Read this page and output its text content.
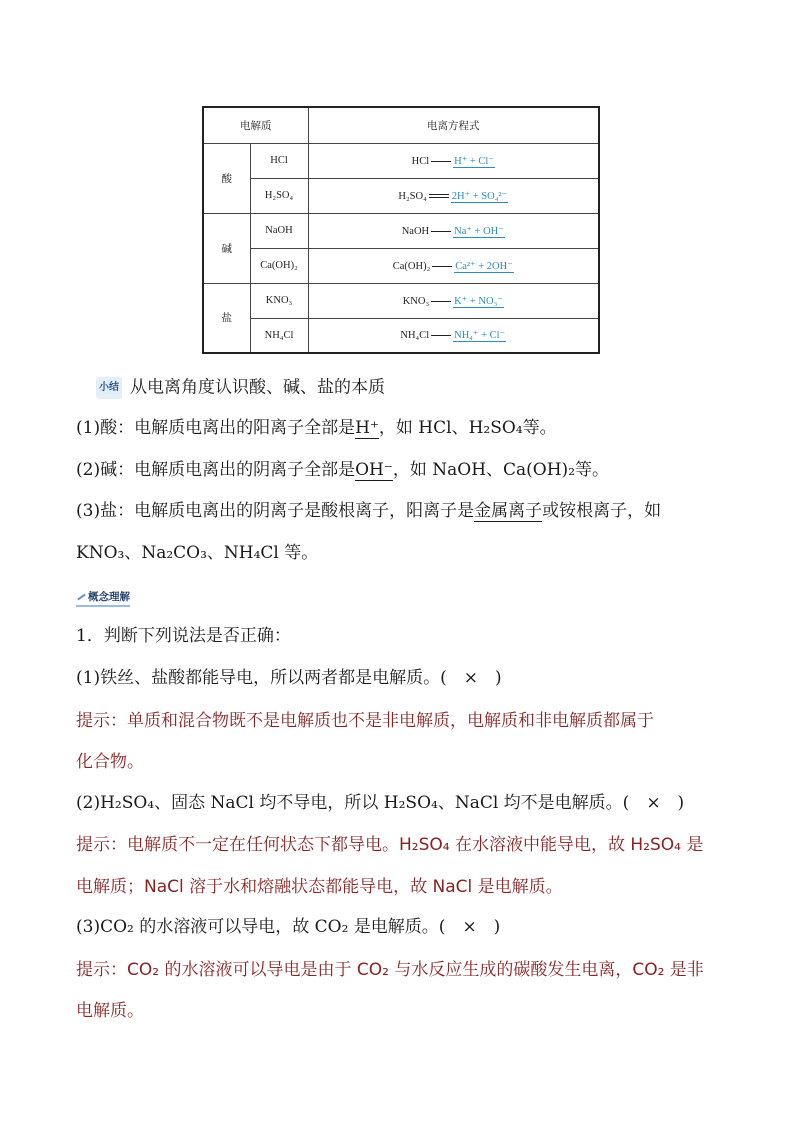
电解质		电离方程式
酸	HCl	HCl H⁺ + Cl⁻
	H₂SO₄	H₂SO₄ 2H⁺ + SO₄²⁻
碱	NaOH	NaOH Na⁺ + OH⁻
	Ca(OH)₂	Ca(OH)₂ Ca²⁺ + 2OH⁻
盐	KNO₃	KNO₃ K⁺ + NO₃⁻
	NH₄Cl	NH₄Cl NH₄⁺ + Cl⁻
小结 从电离角度认识酸、碱、盐的本质
(1)酸：电解质电离出的阳离子全部是H⁺，如 HCl、H₂SO₄等。
(2)碱：电解质电离出的阴离子全部是OH⁻，如 NaOH、Ca(OH)₂等。
(3)盐：电解质电离出的阴离子是酸根离子，阳离子是金属离子或铵根离子，如
KNO₃、Na₂CO₃、NH₄Cl 等。
概念理解
1．判断下列说法是否正确：
(1)铁丝、盐酸都能导电，所以两者都是电解质。(　×　)
提示：单质和混合物既不是电解质也不是非电解质，电解质和非电解质都属于
化合物。
(2)H₂SO₄、固态 NaCl 均不导电，所以 H₂SO₄、NaCl 均不是电解质。(　×　)
提示：电解质不一定在任何状态下都导电。H₂SO₄ 在水溶液中能导电，故 H₂SO₄ 是
电解质；NaCl 溶于水和熔融状态都能导电，故 NaCl 是电解质。
(3)CO₂ 的水溶液可以导电，故 CO₂ 是电解质。(　×　)
提示：CO₂ 的水溶液可以导电是由于 CO₂ 与水反应生成的碳酸发生电离，CO₂ 是非
电解质。
